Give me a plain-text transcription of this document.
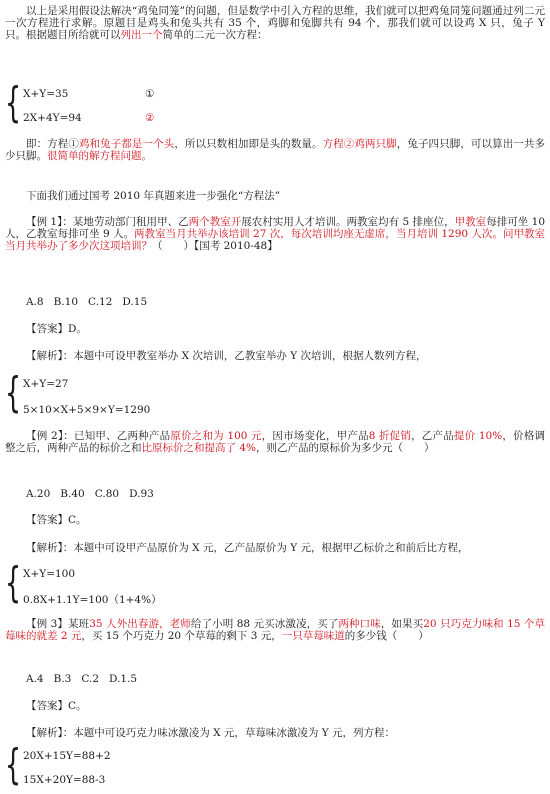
以上是采用假设法解决“鸡兔同笼”的问题，但是数学中引入方程的思维，我们就可以把鸡兔同笼问题通过列二元一次方程进行求解。原题目是鸡头和兔头共有 35 个，鸡脚和兔脚共有 94 个，那我们就可以设鸡 X 只，兔子 Y 只。根据题目所给就可以列出一个简单的二元一次方程：

{ X+Y=35	①
2X+4Y=94	②

即：方程①鸡和兔子都是一个头，所以只数相加即是头的数量。方程②鸡两只脚，兔子四只脚，可以算出一共多少只脚。很简单的解方程问题。

下面我们通过国考 2010 年真题来进一步强化“方程法”

【例 1】：某地劳动部门租用甲、乙两个教室开展农村实用人才培训。两教室均有 5 排座位，甲教室每排可坐 10 人，乙教室每排可坐 9 人。两教室当月共举办该培训 27 次，每次培训均座无虚席，当月培训 1290 人次。问甲教室当月共举办了多少次这项培训？（　　）【国考 2010-48】

A.8 B.10 C.12 D.15

【答案】D。

【解析】：本题中可设甲教室举办 X 次培训，乙教室举办 Y 次培训，根据人数列方程，

{ X+Y=27
5×10×X+5×9×Y=1290

【例 2】：已知甲、乙两种产品原价之和为 100 元，因市场变化，甲产品8 折促销，乙产品提价 10%，价格调整之后，两种产品的标价之和比原标价之和提高了 4%，则乙产品的原标价为多少元（　　）

A.20 B.40 C.80 D.93

【答案】C。

【解析】：本题中可设甲产品原价为 X 元，乙产品原价为 Y 元，根据甲乙标价之和前后比方程，

{ X+Y=100
0.8X+1.1Y=100（1+4%）

【例 3】某班35 人外出春游，老师给了小明 88 元买冰激凌，买了两种口味，如果买20 只巧克力味和 15 个草莓味的就差 2 元，买 15 个巧克力 20 个草莓的剩下 3 元，一只草莓味道的多少钱（　　）

A.4 B.3 C.2 D.1.5

【答案】C。

【解析】：本题中可设巧克力味冰激凌为 X 元，草莓味冰激凌为 Y 元，列方程：

{ 20X+15Y=88+2
15X+20Y=88-3
